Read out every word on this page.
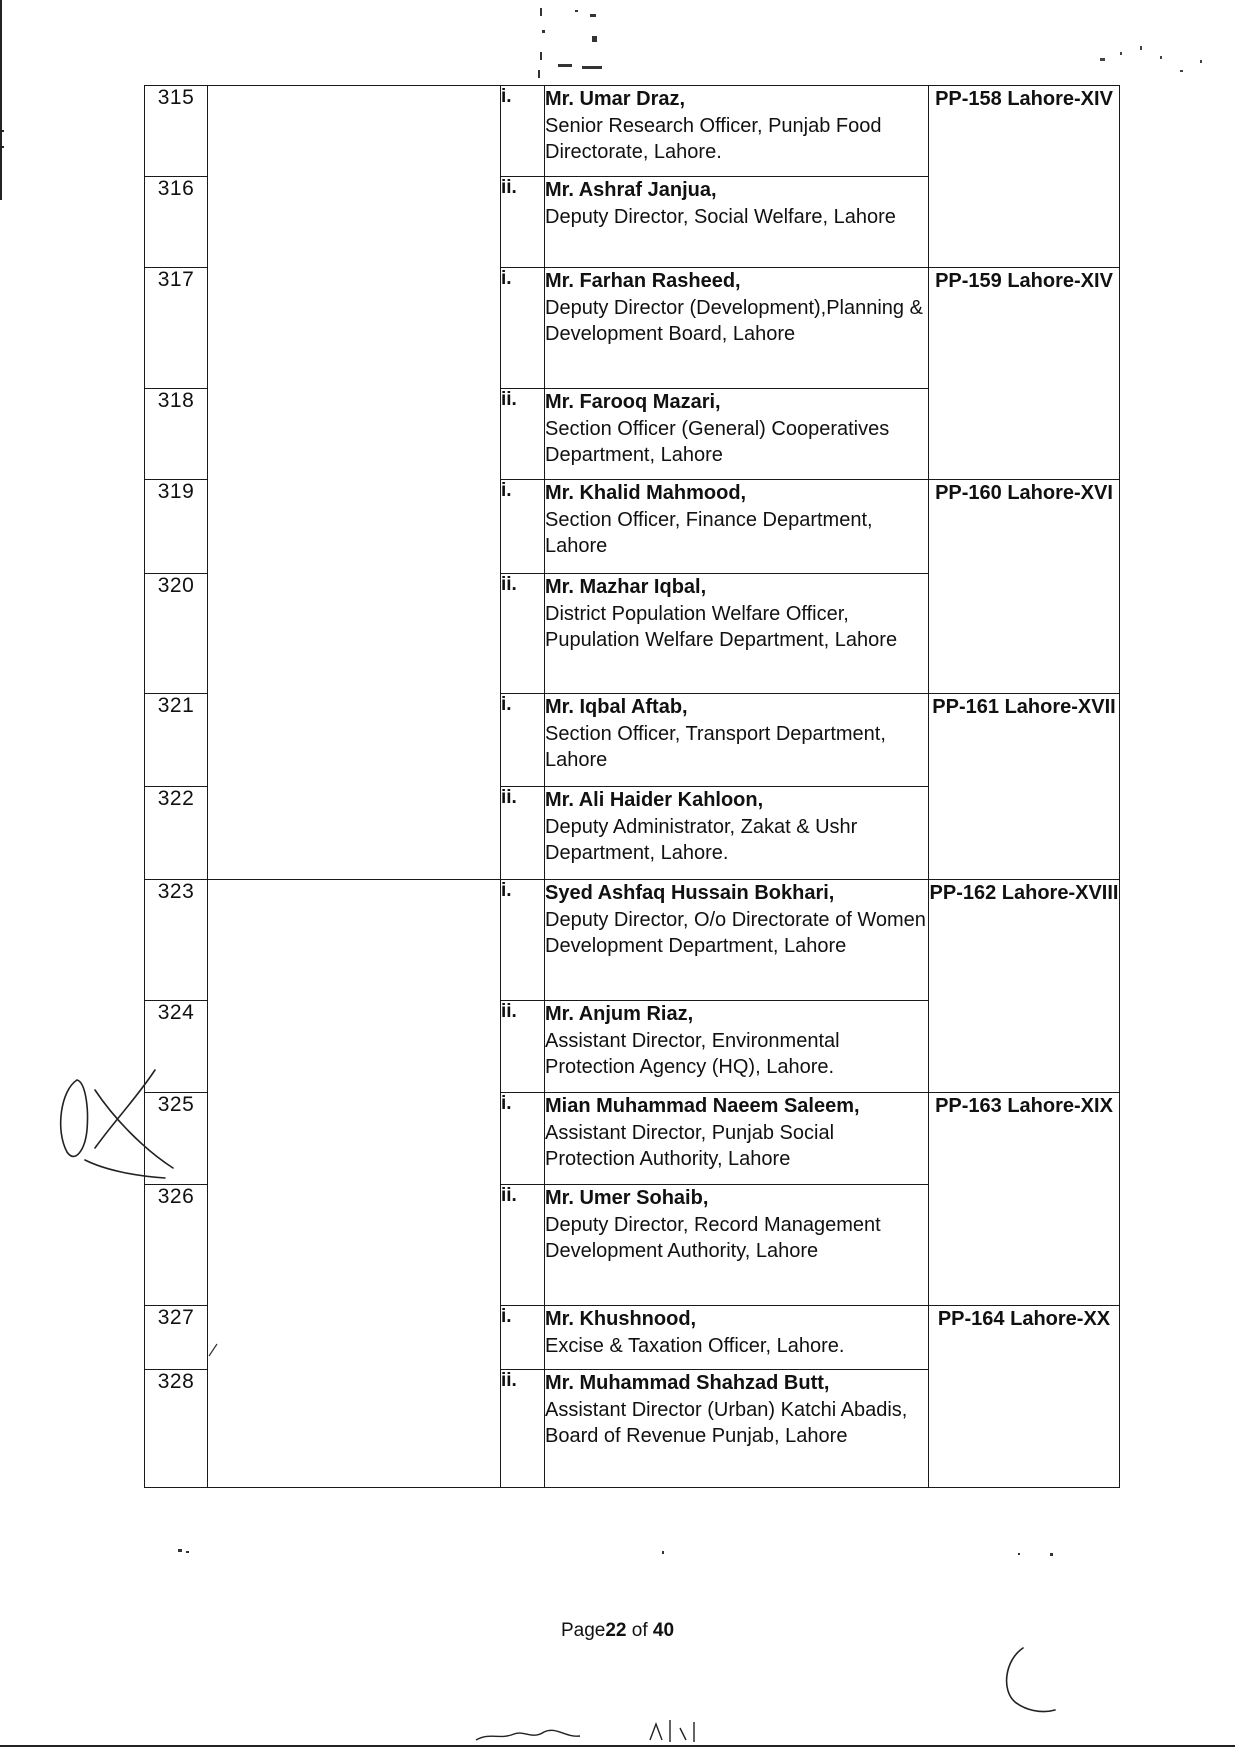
315		i.	Mr. Umar Draz,
Senior Research Officer, Punjab Food Directorate, Lahore.	PP-158 Lahore-XIV
316		ii.	Mr. Ashraf Janjua,
Deputy Director, Social Welfare, Lahore	

317		i.	Mr. Farhan Rasheed,
Deputy Director (Development),Planning & Development Board, Lahore	PP-159 Lahore-XIV
318		ii.	Mr. Farooq Mazari,
Section Officer (General) Cooperatives Department, Lahore	

319		i.	Mr. Khalid Mahmood,
Section Officer, Finance Department, Lahore	PP-160 Lahore-XVI
320		ii.	Mr. Mazhar Iqbal,
District Population Welfare Officer, Pupulation Welfare Department, Lahore	

321		i.	Mr. Iqbal Aftab,
Section Officer, Transport Department, Lahore	PP-161 Lahore-XVII
322		ii.	Mr. Ali Haider Kahloon,
Deputy Administrator, Zakat & Ushr Department, Lahore.	

323		i.	Syed Ashfaq Hussain Bokhari,
Deputy Director, O/o Directorate of Women Development Department, Lahore	PP-162 Lahore-XVIII
324		ii.	Mr. Anjum Riaz,
Assistant Director, Environmental Protection Agency (HQ), Lahore.	

325		i.	Mian Muhammad Naeem Saleem,
Assistant Director, Punjab Social Protection Authority, Lahore	PP-163 Lahore-XIX
326		ii.	Mr. Umer Sohaib,
Deputy Director, Record Management Development Authority, Lahore	

327		i.	Mr. Khushnood,
Excise & Taxation Officer, Lahore.	PP-164 Lahore-XX
328		ii.	Mr. Muhammad Shahzad Butt,
Assistant Director (Urban) Katchi Abadis, Board of Revenue Punjab, Lahore	
Page22 of 40
